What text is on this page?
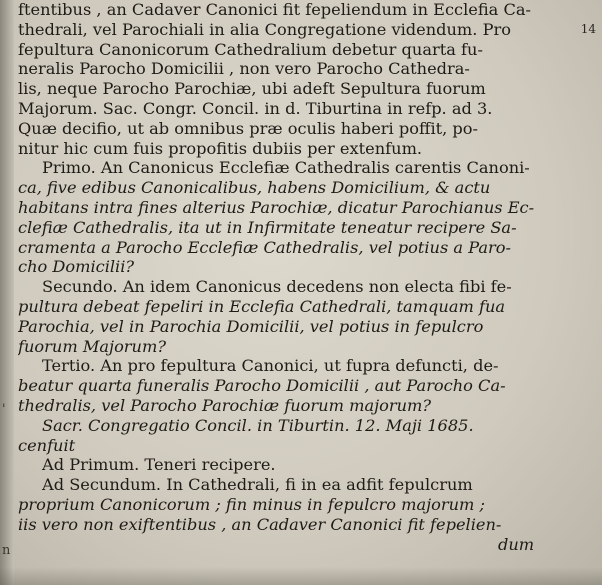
14
'
n
ftentibus , an Cadaver Canonici fit fepeliendum in Ecclefia Ca-
thedrali, vel Parochiali in alia Congregatione videndum. Pro
fepultura Canonicorum Cathedralium debetur quarta fu-
neralis Parocho Domicilii , non vero Parocho Cathedra-
lis, neque Parocho Parochiæ, ubi adeft Sepultura fuorum
Majorum. Sac. Congr. Concil. in d. Tiburtina in refp. ad 3.
Quæ decifio, ut ab omnibus præ oculis haberi poffit, po-
nitur hic cum fuis propofitis dubiis per extenfum.
Primo. An Canonicus Ecclefiæ Cathedralis carentis Canoni-
ca, five edibus Canonicalibus, habens Domicilium, & actu
habitans intra fines alterius Parochiæ, dicatur Parochianus Ec-
clefiæ Cathedralis, ita ut in Infirmitate teneatur recipere Sa-
cramenta a Parocho Ecclefiæ Cathedralis, vel potius a Paro-
cho Domicilii?
Secundo. An idem Canonicus decedens non electa fibi fe-
pultura debeat fepeliri in Ecclefia Cathedrali, tamquam fua
Parochia, vel in Parochia Domicilii, vel potius in fepulcro
fuorum Majorum?
Tertio. An pro fepultura Canonici, ut fupra defuncti, de-
beatur quarta funeralis Parocho Domicilii , aut Parocho Ca-
thedralis, vel Parocho Parochiæ fuorum majorum?
Sacr. Congregatio Concil. in Tiburtin. 12. Maji 1685.
cenfuit
Ad Primum. Teneri recipere.
Ad Secundum. In Cathedrali, fi in ea adfit fepulcrum
proprium Canonicorum ; fin minus in fepulcro majorum ;
iis vero non exiftentibus , an Cadaver Canonici fit fepelien-
dum
